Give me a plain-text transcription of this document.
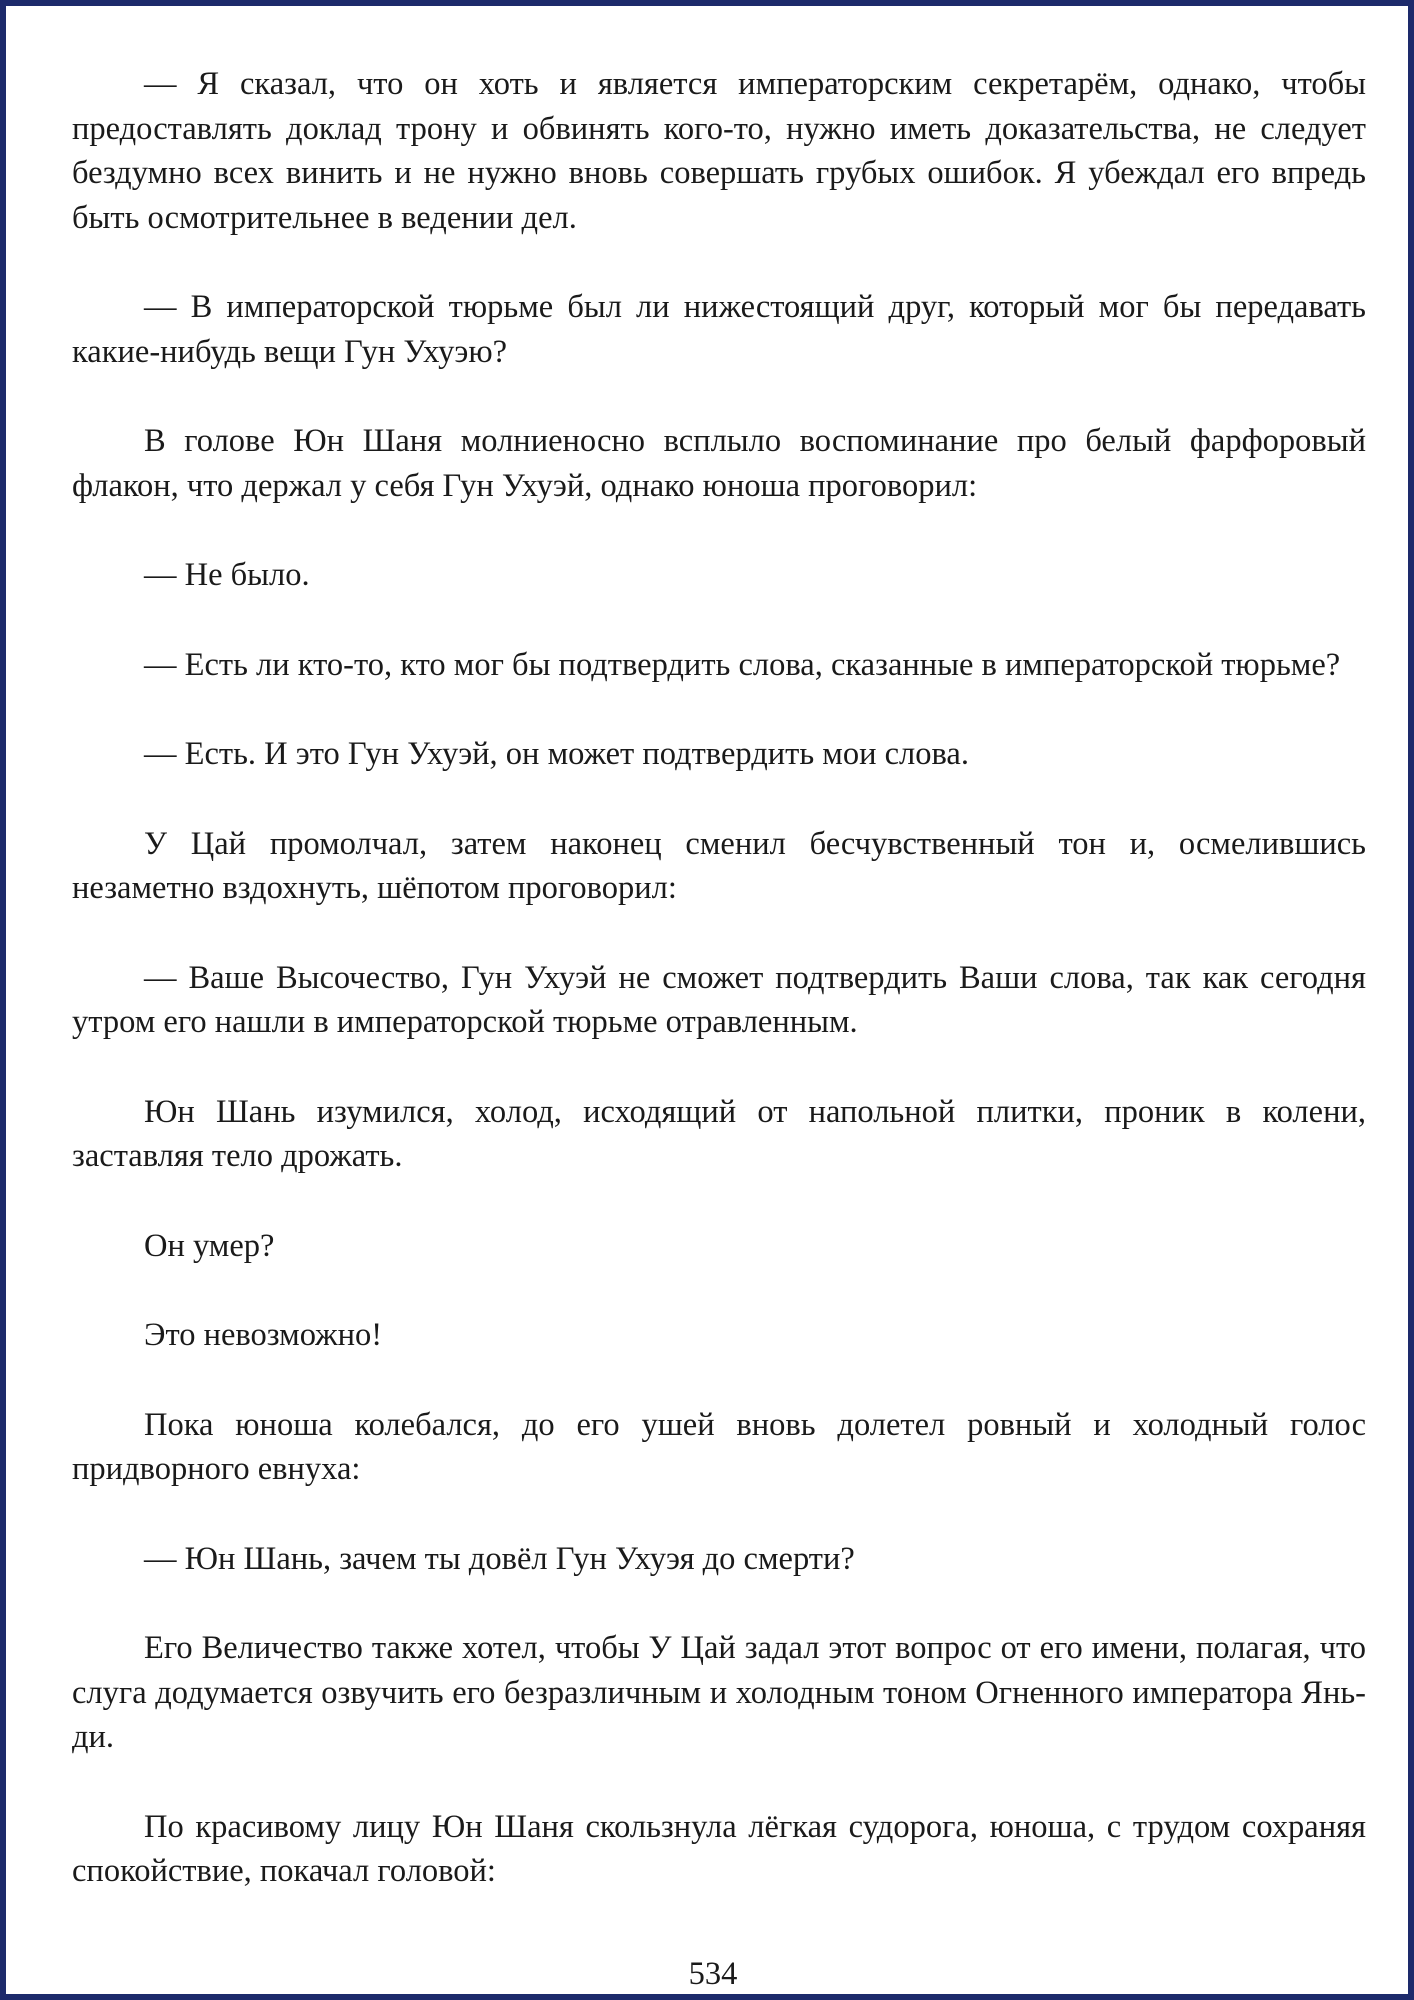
— Я сказал, что он хоть и является императорским секретарём, однако, чтобы предоставлять доклад трону и обвинять кого-то, нужно иметь доказательства, не следует бездумно всех винить и не нужно вновь совершать грубых ошибок. Я убеждал его впредь быть осмотрительнее в ведении дел.

— В императорской тюрьме был ли нижестоящий друг, который мог бы передавать какие-нибудь вещи Гун Ухуэю?

В голове Юн Шаня молниеносно всплыло воспоминание про белый фарфоровый флакон, что держал у себя Гун Ухуэй, однако юноша проговорил:

— Не было.

— Есть ли кто-то, кто мог бы подтвердить слова, сказанные в императорской тюрьме?

— Есть. И это Гун Ухуэй, он может подтвердить мои слова.

У Цай промолчал, затем наконец сменил бесчувственный тон и, осмелившись незаметно вздохнуть, шёпотом проговорил:

— Ваше Высочество, Гун Ухуэй не сможет подтвердить Ваши слова, так как сегодня утром его нашли в императорской тюрьме отравленным.

Юн Шань изумился, холод, исходящий от напольной плитки, проник в колени, заставляя тело дрожать.

Он умер?

Это невозможно!

Пока юноша колебался, до его ушей вновь долетел ровный и холодный голос придворного евнуха:

— Юн Шань, зачем ты довёл Гун Ухуэя до смерти?

Его Величество также хотел, чтобы У Цай задал этот вопрос от его имени, полагая, что слуга додумается озвучить его безразличным и холодным тоном Огненного императора Янь-ди.

По красивому лицу Юн Шаня скользнула лёгкая судорога, юноша, с трудом сохраняя спокойствие, покачал головой:

534
